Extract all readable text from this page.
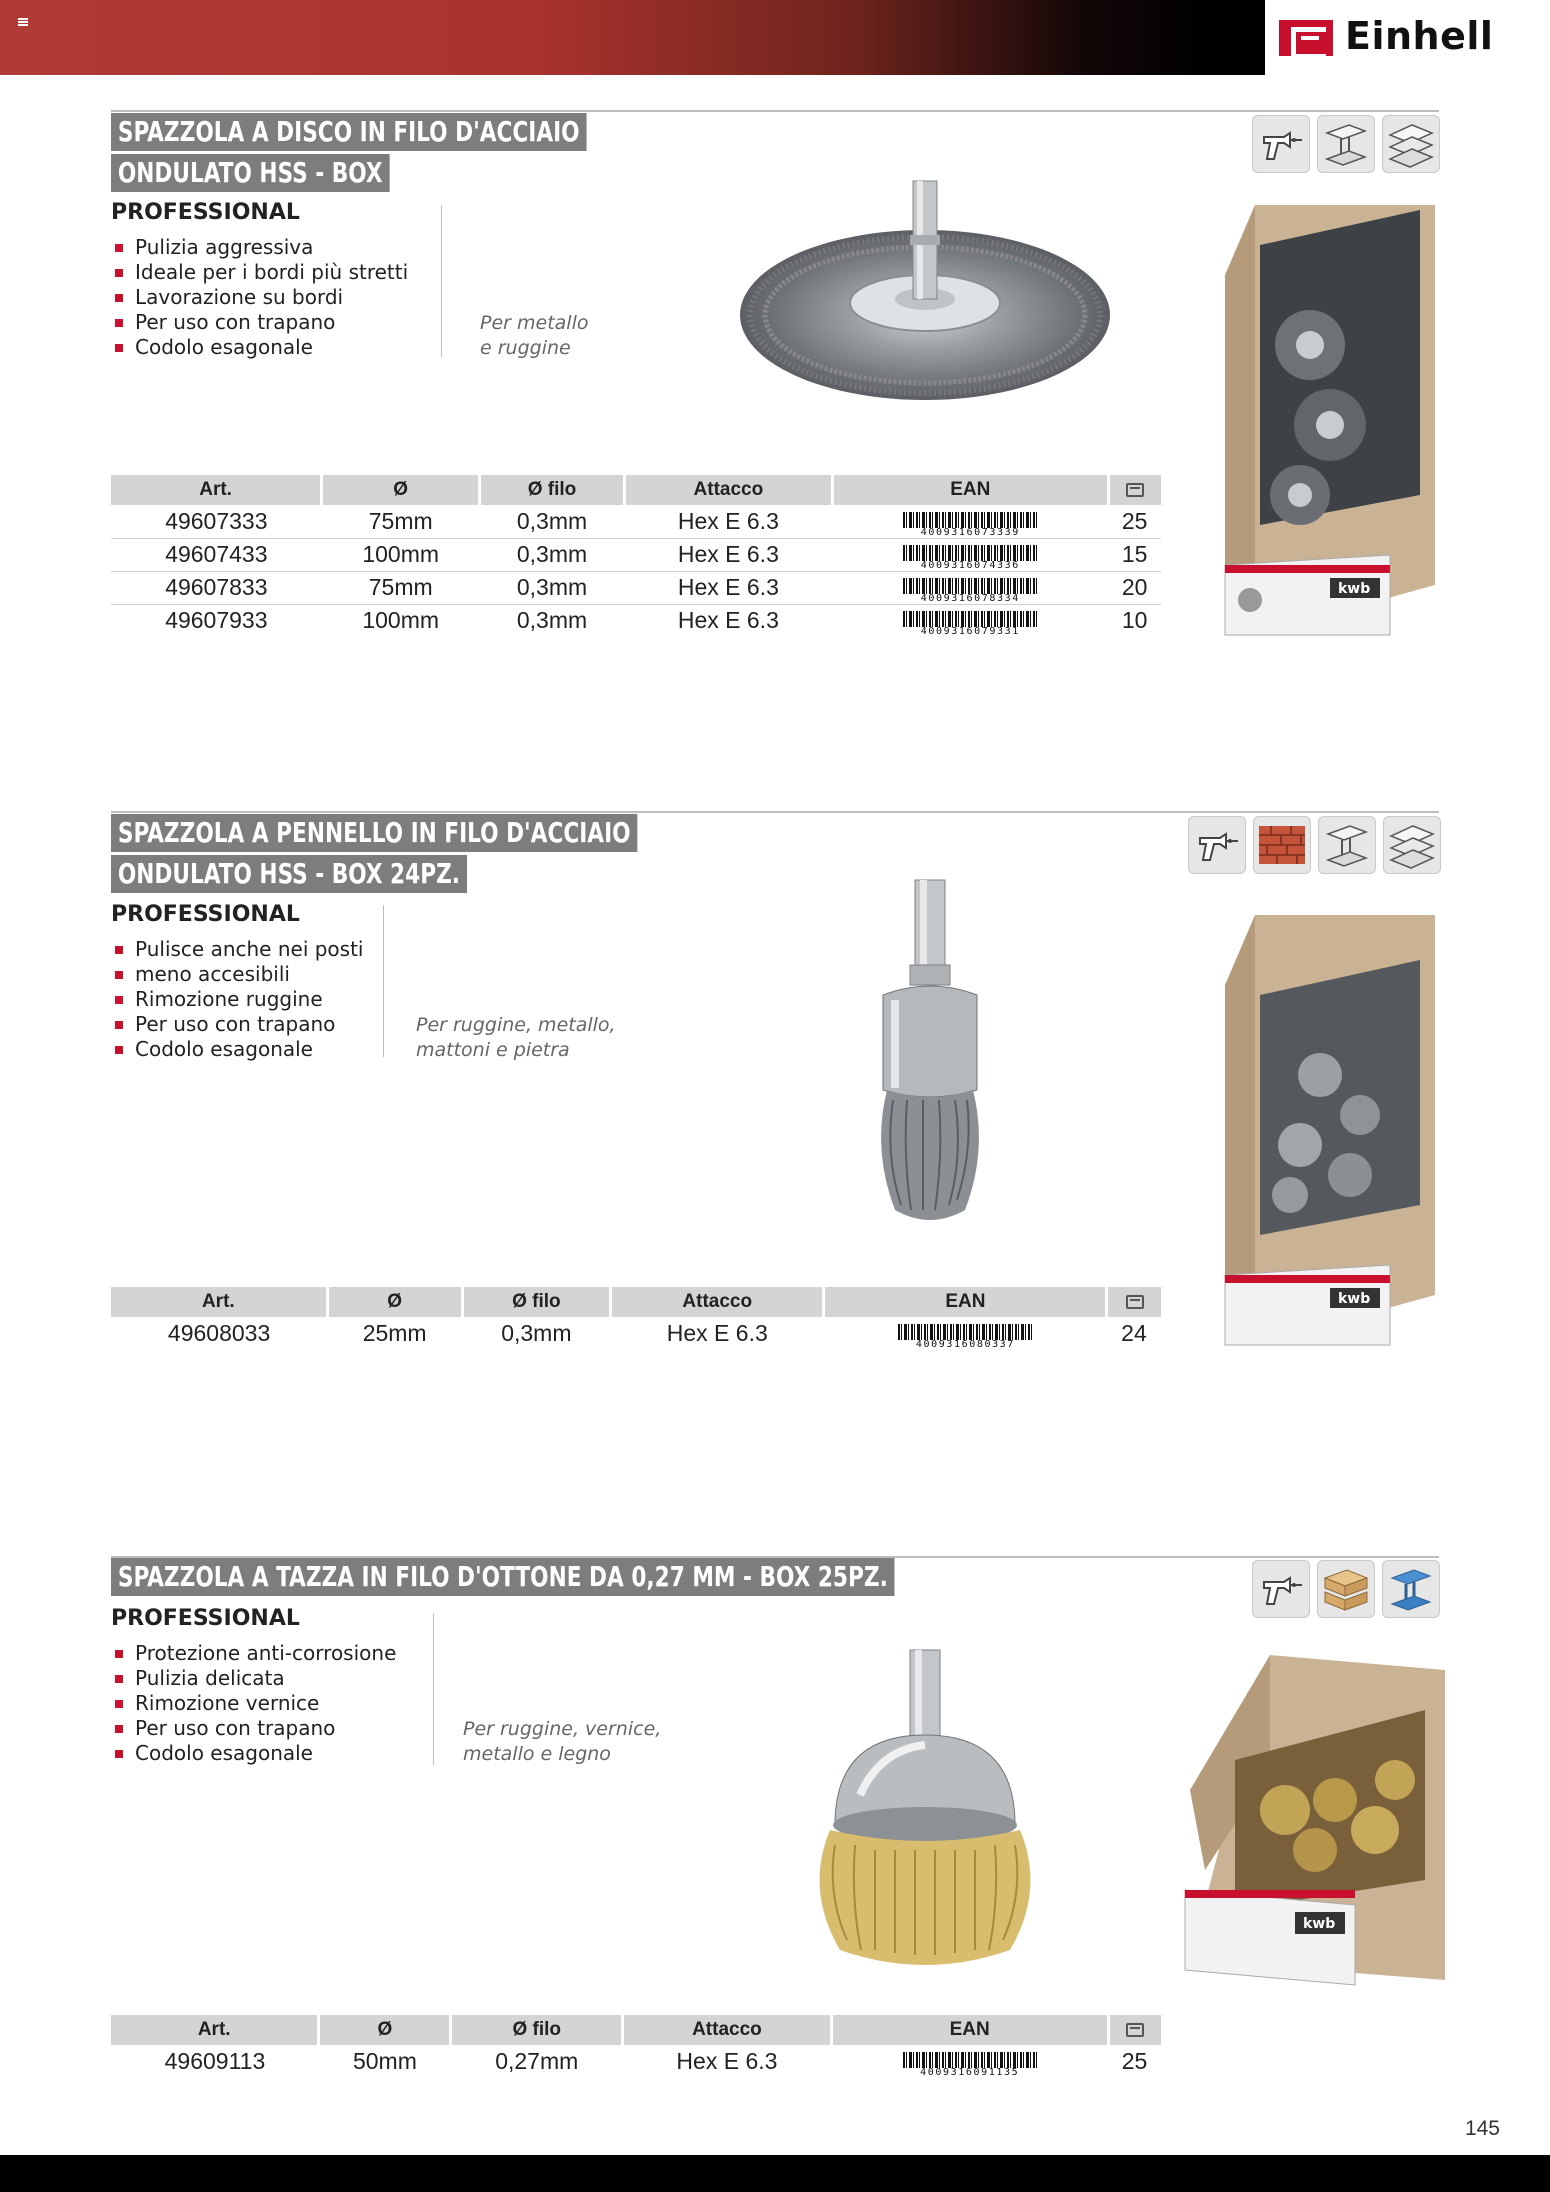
Einhell
SPAZZOLA A DISCO IN FILO D'ACCIAIO
ONDULATO HSS - BOX
PROFESSIONAL
Pulizia aggressiva
Ideale per i bordi più stretti
Lavorazione su bordi
Per uso con trapano
Codolo esagonale
Per metallo
e ruggine
kwb
Art.	Ø	Ø filo	Attacco	EAN	
49607333	75mm	0,3mm	Hex E 6.3	4009316073339	25
49607433	100mm	0,3mm	Hex E 6.3	4009316074336	15
49607833	75mm	0,3mm	Hex E 6.3	4009316078334	20
49607933	100mm	0,3mm	Hex E 6.3	4009316079331	10
SPAZZOLA A PENNELLO IN FILO D'ACCIAIO
ONDULATO HSS - BOX 24PZ.
PROFESSIONAL
Pulisce anche nei posti
meno accesibili
Rimozione ruggine
Per uso con trapano
Codolo esagonale
Per ruggine, metallo,
mattoni e pietra
kwb
Art.	Ø	Ø filo	Attacco	EAN	
49608033	25mm	0,3mm	Hex E 6.3	4009316080337	24
SPAZZOLA A TAZZA IN FILO D'OTTONE DA 0,27 MM - BOX 25PZ.
PROFESSIONAL
Protezione anti-corrosione
Pulizia delicata
Rimozione vernice
Per uso con trapano
Codolo esagonale
Per ruggine, vernice,
metallo e legno
kwb
Art.	Ø	Ø filo	Attacco	EAN	
49609113	50mm	0,27mm	Hex E 6.3	4009316091135	25
145
